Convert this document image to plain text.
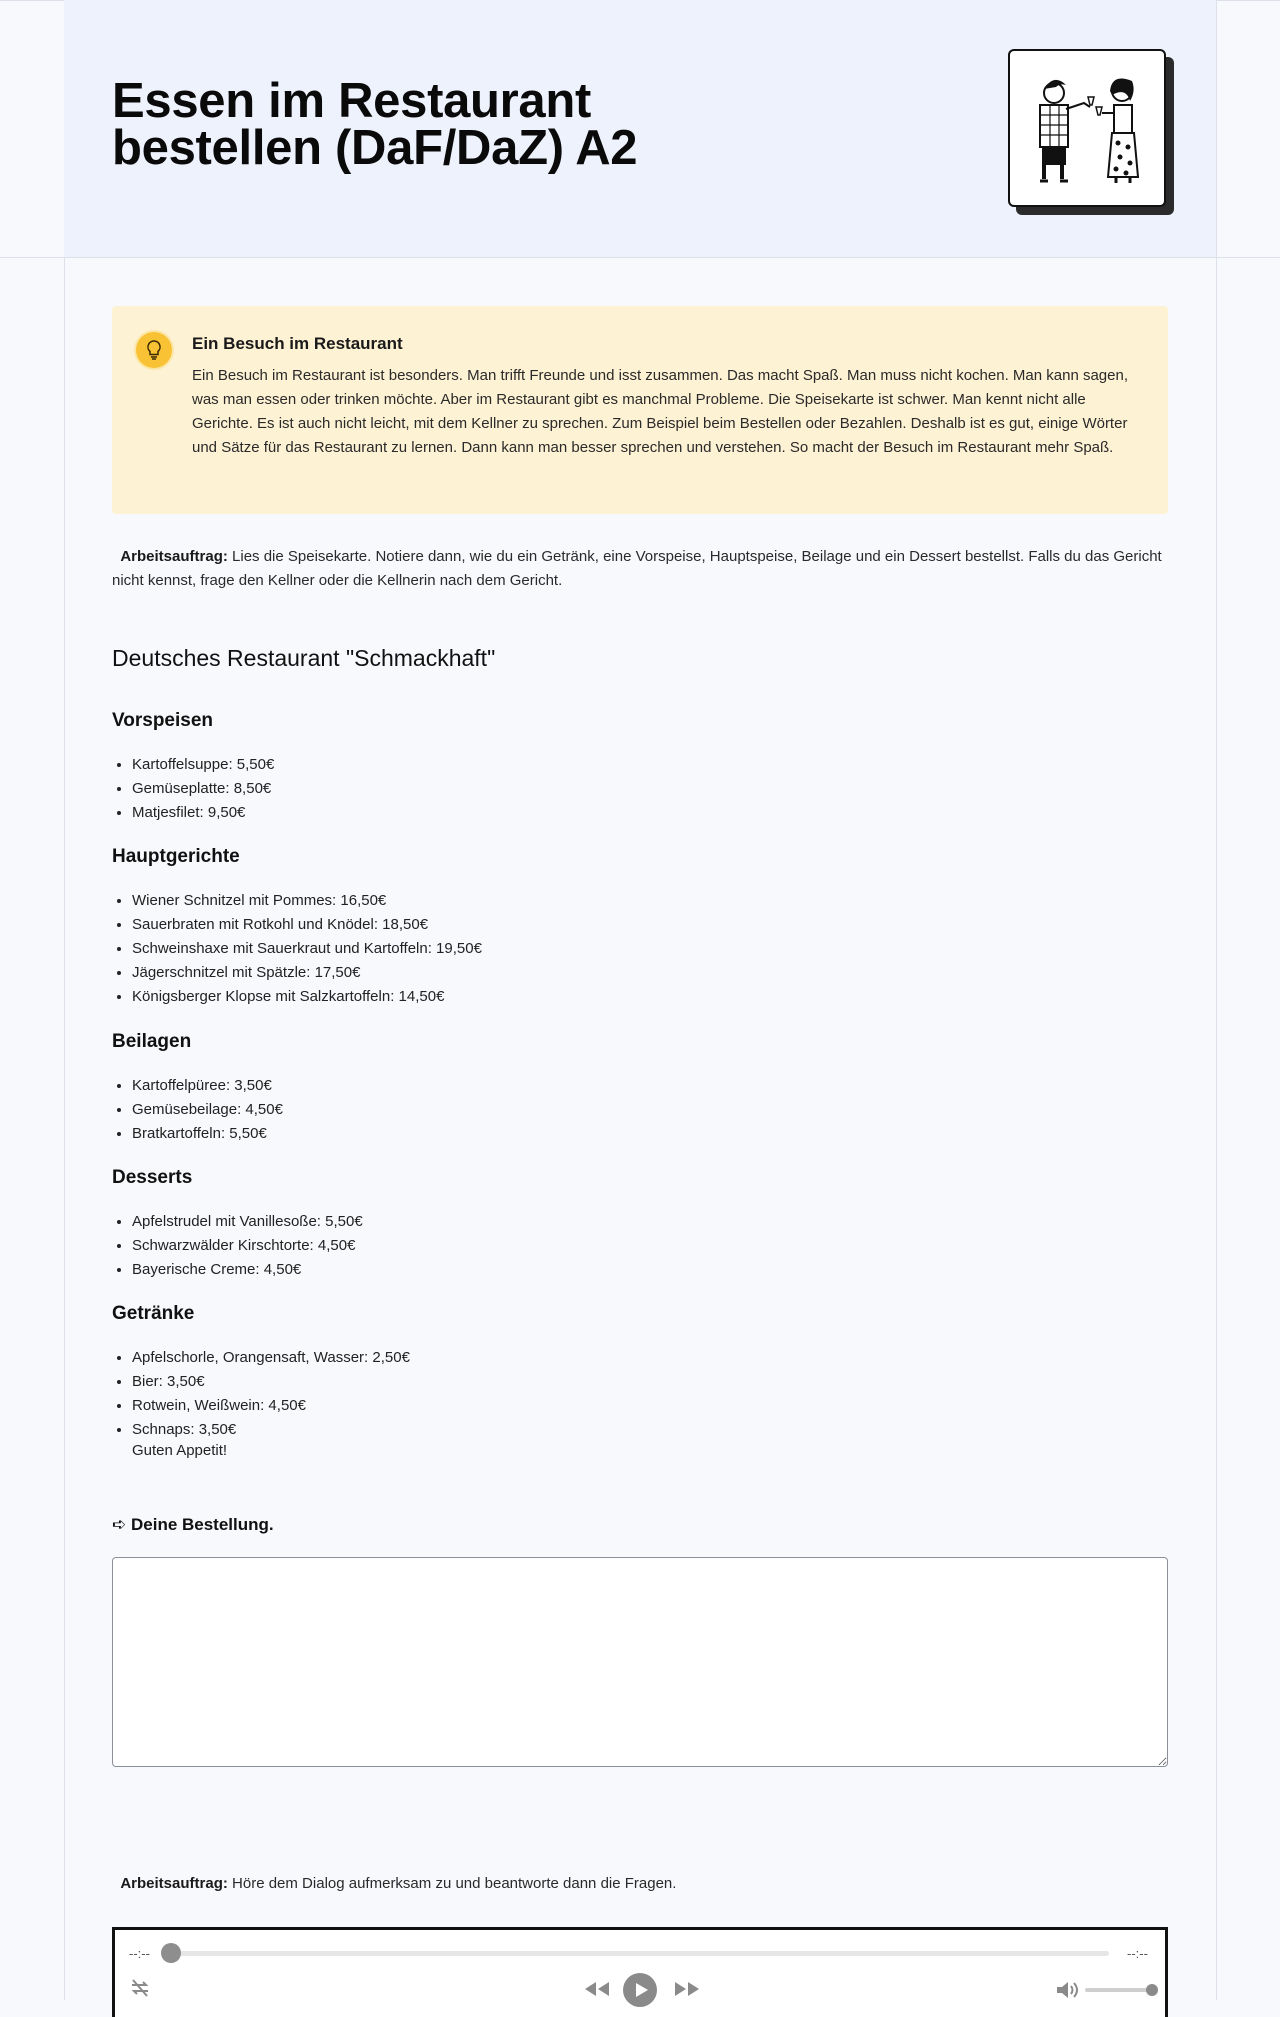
Essen im Restaurant bestellen (DaF/DaZ) A2
Ein Besuch im Restaurant

Ein Besuch im Restaurant ist besonders. Man trifft Freunde und isst zusammen. Das macht Spaß. Man muss nicht kochen. Man kann sagen, was man essen oder trinken möchte. Aber im Restaurant gibt es manchmal Probleme. Die Speisekarte ist schwer. Man kennt nicht alle Gerichte. Es ist auch nicht leicht, mit dem Kellner zu sprechen. Zum Beispiel beim Bestellen oder Bezahlen. Deshalb ist es gut, einige Wörter und Sätze für das Restaurant zu lernen. Dann kann man besser sprechen und verstehen. So macht der Besuch im Restaurant mehr Spaß.

Arbeitsauftrag: Lies die Speisekarte. Notiere dann, wie du ein Getränk, eine Vorspeise, Hauptspeise, Beilage und ein Dessert bestellst. Falls du das Gericht nicht kennst, frage den Kellner oder die Kellnerin nach dem Gericht.

Deutsches Restaurant "Schmackhaft"
Vorspeisen
• Kartoffelsuppe: 5,50€
• Gemüseplatte: 8,50€
• Matjesfilet: 9,50€
Hauptgerichte
• Wiener Schnitzel mit Pommes: 16,50€
• Sauerbraten mit Rotkohl und Knödel: 18,50€
• Schweinshaxe mit Sauerkraut und Kartoffeln: 19,50€
• Jägerschnitzel mit Spätzle: 17,50€
• Königsberger Klopse mit Salzkartoffeln: 14,50€
Beilagen
• Kartoffelpüree: 3,50€
• Gemüsebeilage: 4,50€
• Bratkartoffeln: 5,50€
Desserts
• Apfelstrudel mit Vanillesoße: 5,50€
• Schwarzwälder Kirschtorte: 4,50€
• Bayerische Creme: 4,50€
Getränke
• Apfelschorle, Orangensaft, Wasser: 2,50€
• Bier: 3,50€
• Rotwein, Weißwein: 4,50€
• Schnaps: 3,50€

Guten Appetit!

➪ Deine Bestellung.

Arbeitsauftrag: Höre dem Dialog aufmerksam zu und beantworte dann die Fragen.

--:--	--:--
